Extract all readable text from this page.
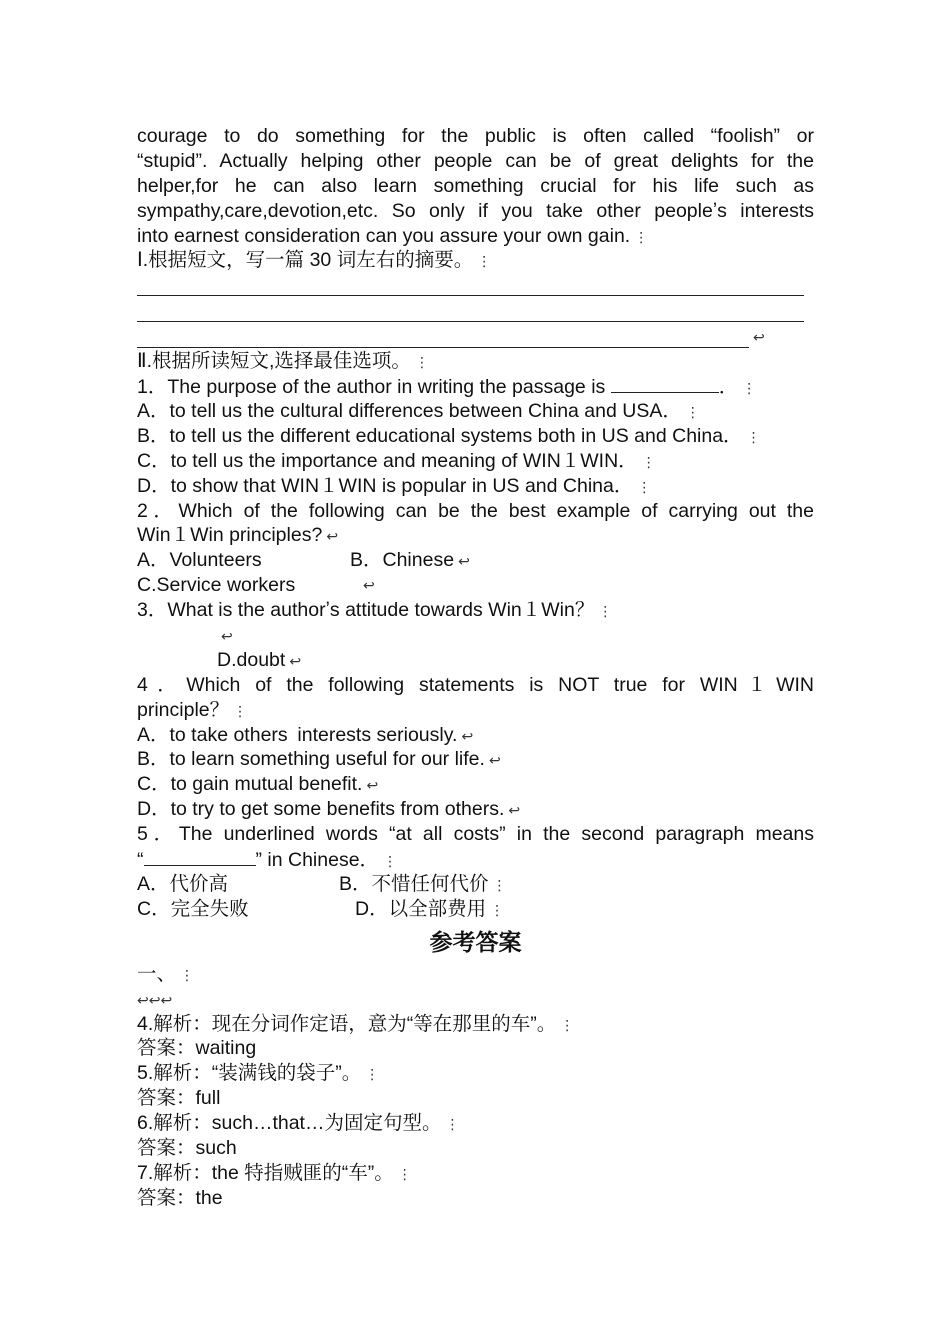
courage to do something for the public is often called “foolish” or
“stupid”. Actually helping other people can be of great delights for the
helper,for he can also learn something crucial for his life such as
sympathy,care,devotion,etc. So only if you take other peopleʼs interests
into earnest consideration can you assure your own gain. ⋮
Ⅰ.根据短文，写一篇 30 词左右的摘要。 ⋮
↩
Ⅱ.根据所读短文,选择最佳选项。 ⋮
1．The purpose of the author in writing the passage is	． ⋮
A．to tell us the cultural differences between China and USA． ⋮
B．to tell us the different educational systems both in US and China． ⋮
C．to tell us the importance and meaning of WIN１WIN． ⋮
D．to show that WIN１WIN is popular in US and China． ⋮
2．Which of the following can be the best example of carrying out the
Win１Win principles? ↩
A．Volunteers	B．Chinese ↩
C.Service workers	↩
3．What is the authorʼs attitude towards Win１Win？ ⋮
↩
D.doubt ↩
4．Which of the following statements is NOT true for WIN１WIN
principle？ ⋮
A．to take others interests seriously. ↩
B．to learn something useful for our life. ↩
C．to gain mutual benefit. ↩
D．to try to get some benefits from others. ↩
5．The underlined words “at all costs” in the second paragraph means
“	” in Chinese． ⋮
A．代价高	B．不惜任何代价 ⋮
C．完全失败	D．以全部费用 ⋮
参考答案
一、 ⋮
↩↩↩
4.解析：现在分词作定语，意为“等在那里的车”。 ⋮
答案：waiting
5.解析：“装满钱的袋子”。 ⋮
答案：full
6.解析：such…that…为固定句型。 ⋮
答案：such
7.解析：the 特指贼匪的“车”。 ⋮
答案：the
